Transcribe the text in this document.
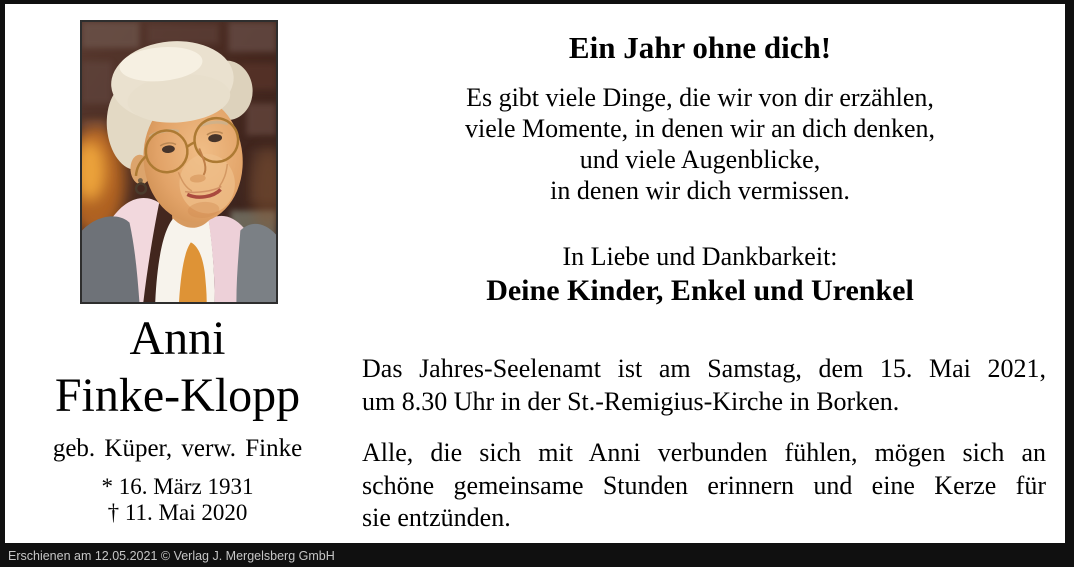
Anni
Finke-Klopp
geb. Küper, verw. Finke
* 16. März 1931
† 11. Mai 2020
Ein Jahr ohne dich!
Es gibt viele Dinge, die wir von dir erzählen,
viele Momente, in denen wir an dich denken,
und viele Augenblicke,
in denen wir dich vermissen.
In Liebe und Dankbarkeit:
Deine Kinder, Enkel und Urenkel
Das Jahres-Seelenamt ist am Samstag, dem 15. Mai 2021,
um 8.30 Uhr in der St.-Remigius-Kirche in Borken.
Alle, die sich mit Anni verbunden fühlen, mögen sich an
schöne gemeinsame Stunden erinnern und eine Kerze für
sie entzünden.
Erschienen am 12.05.2021 © Verlag J. Mergelsberg GmbH
